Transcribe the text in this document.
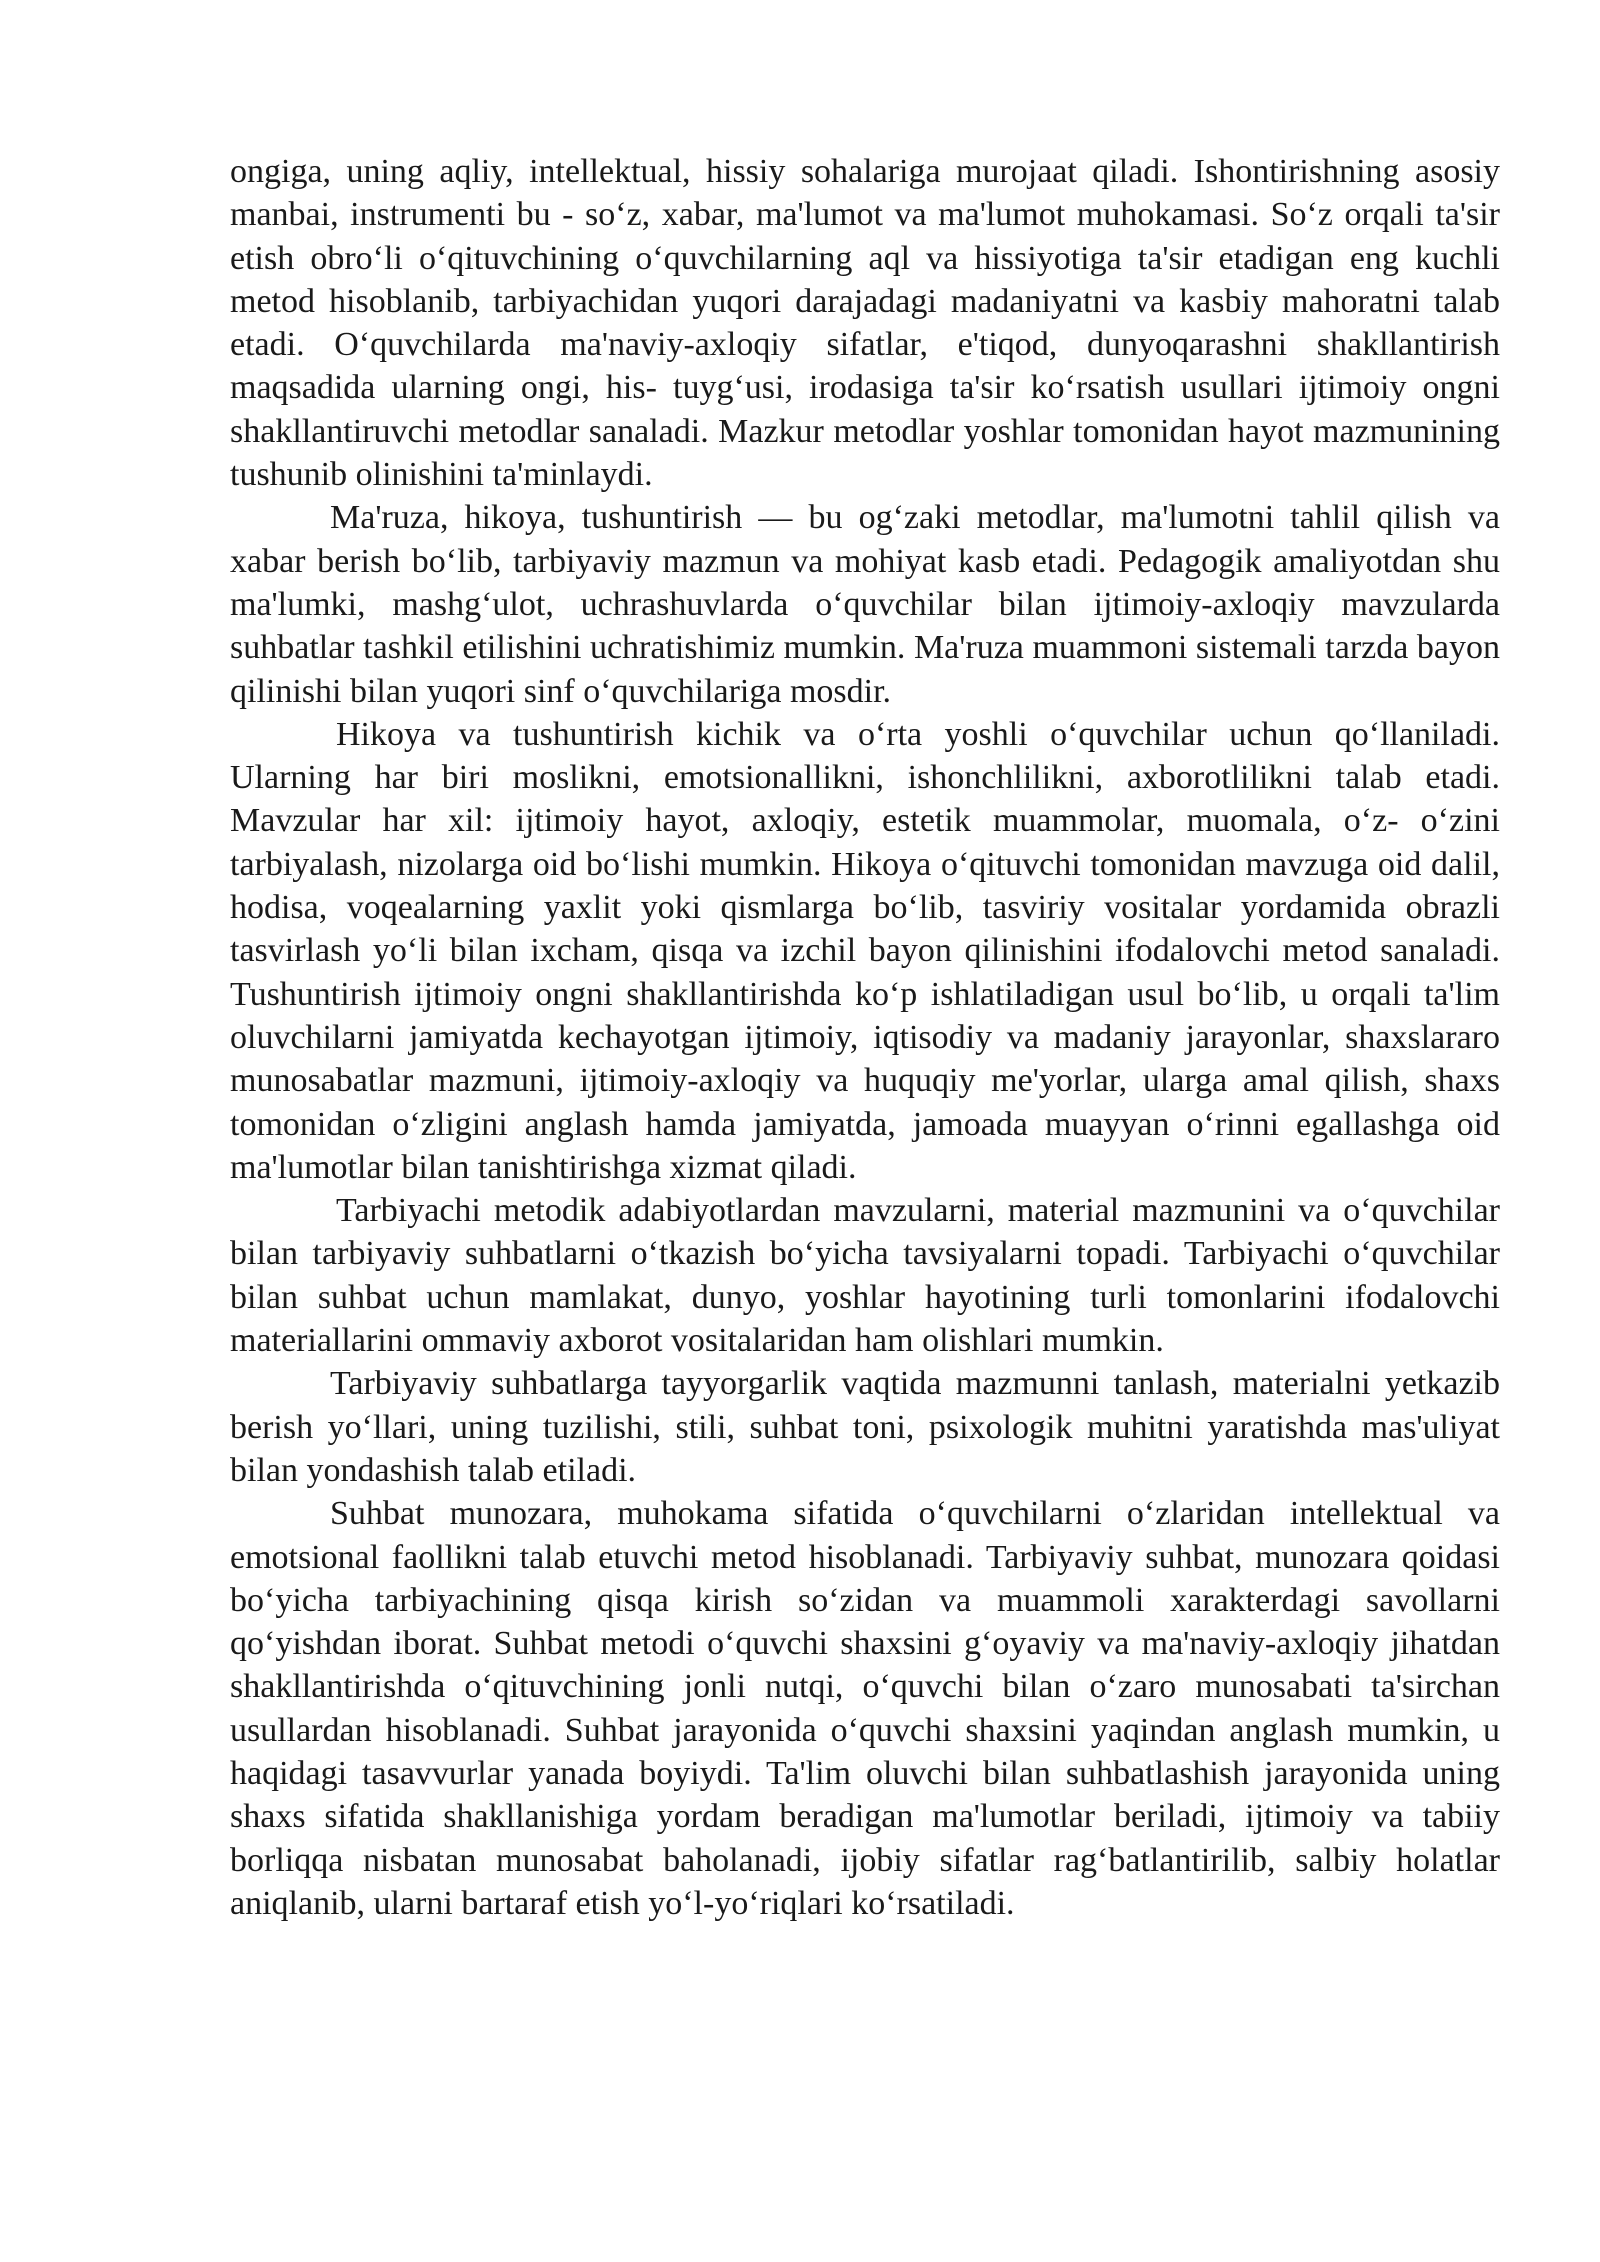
ongiga, uning aqliy, intellektual, hissiy sohalariga murojaat qiladi. Ishontirishning asosiy manbai, instrumenti bu - so‘z, xabar, ma'lumot va ma'lumot muhokamasi. So‘z orqali ta'sir etish obro‘li o‘qituvchining o‘quvchilarning aql va hissiyotiga ta'sir etadigan eng kuchli metod hisoblanib, tarbiyachidan yuqori darajadagi madaniyatni va kasbiy mahoratni talab etadi. O‘quvchilarda ma'naviy-axloqiy sifatlar, e'tiqod, dunyoqarashni shakllantirish maqsadida ularning ongi, his- tuyg‘usi, irodasiga ta'sir ko‘rsatish usullari ijtimoiy ongni shakllantiruvchi metodlar sanaladi. Mazkur metodlar yoshlar tomonidan hayot mazmunining tushunib olinishini ta'minlaydi.

Ma'ruza, hikoya, tushuntirish — bu og‘zaki metodlar, ma'lumotni tahlil qilish va xabar berish bo‘lib, tarbiyaviy mazmun va mohiyat kasb etadi. Pedagogik amaliyotdan shu ma'lumki, mashg‘ulot, uchrashuvlarda o‘quvchilar bilan ijtimoiy-axloqiy mavzularda suhbatlar tashkil etilishini uchratishimiz mumkin. Ma'ruza muammoni sistemali tarzda bayon qilinishi bilan yuqori sinf o‘quvchilariga mosdir.

Hikoya va tushuntirish kichik va o‘rta yoshli o‘quvchilar uchun qo‘llaniladi. Ularning har biri moslikni, emotsionallikni, ishonchlilikni, axborotlilikni talab etadi. Mavzular har xil: ijtimoiy hayot, axloqiy, estetik muammolar, muomala, o‘z- o‘zini tarbiyalash, nizolarga oid bo‘lishi mumkin. Hikoya o‘qituvchi tomonidan mavzuga oid dalil, hodisa, voqealarning yaxlit yoki qismlarga bo‘lib, tasviriy vositalar yordamida obrazli tasvirlash yo‘li bilan ixcham, qisqa va izchil bayon qilinishini ifodalovchi metod sanaladi. Tushuntirish ijtimoiy ongni shakllantirishda ko‘p ishlatiladigan usul bo‘lib, u orqali ta'lim oluvchilarni jamiyatda kechayotgan ijtimoiy, iqtisodiy va madaniy jarayonlar, shaxslararo munosabatlar mazmuni, ijtimoiy-axloqiy va huquqiy me'yorlar, ularga amal qilish, shaxs tomonidan o‘zligini anglash hamda jamiyatda, jamoada muayyan o‘rinni egallashga oid ma'lumotlar bilan tanishtirishga xizmat qiladi.

Tarbiyachi metodik adabiyotlardan mavzularni, material mazmunini va o‘quvchilar bilan tarbiyaviy suhbatlarni o‘tkazish bo‘yicha tavsiyalarni topadi. Tarbiyachi o‘quvchilar bilan suhbat uchun mamlakat, dunyo, yoshlar hayotining turli tomonlarini ifodalovchi materiallarini ommaviy axborot vositalaridan ham olishlari mumkin.

Tarbiyaviy suhbatlarga tayyorgarlik vaqtida mazmunni tanlash, materialni yetkazib berish yo‘llari, uning tuzilishi, stili, suhbat toni, psixologik muhitni yaratishda mas'uliyat bilan yondashish talab etiladi.

Suhbat munozara, muhokama sifatida o‘quvchilarni o‘zlaridan intellektual va emotsional faollikni talab etuvchi metod hisoblanadi. Tarbiyaviy suhbat, munozara qoidasi bo‘yicha tarbiyachining qisqa kirish so‘zidan va muammoli xarakterdagi savollarni qo‘yishdan iborat. Suhbat metodi o‘quvchi shaxsini g‘oyaviy va ma'naviy-axloqiy jihatdan shakllantirishda o‘qituvchining jonli nutqi, o‘quvchi bilan o‘zaro munosabati ta'sirchan usullardan hisoblanadi. Suhbat jarayonida o‘quvchi shaxsini yaqindan anglash mumkin, u haqidagi tasavvurlar yanada boyiydi. Ta'lim oluvchi bilan suhbatlashish jarayonida uning shaxs sifatida shakllanishiga yordam beradigan ma'lumotlar beriladi, ijtimoiy va tabiiy borliqqa nisbatan munosabat baholanadi, ijobiy sifatlar rag‘batlantirilib, salbiy holatlar aniqlanib, ularni bartaraf etish yo‘l-yo‘riqlari ko‘rsatiladi.
